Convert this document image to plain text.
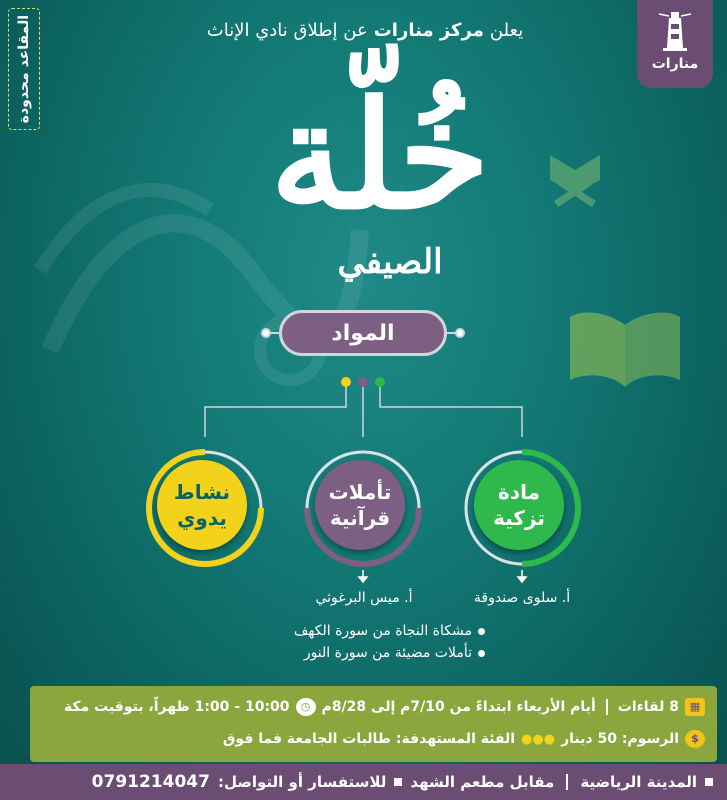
يعلن
مركز منارات
عن إطلاق نادي الإناث
منارات
المقاعد محدودة خُلّة
الصيفي
المواد
نشاط
يدوي
تأملات
قرآنية
مادة
تزكية
أ. سلوى صندوقة
أ. ميس البرغوثي
مشكاة النجاة من سورة الكهف
تأملات مضيئة من سورة النور
▦
8 لقاءات
أيام الأربعاء ابتداءً من 7/10م إلى 8/28م
◷
10:00 - 1:00 ظهراً، بتوقيت مكة
$
الرسوم: 50 دينار
●●●
الفئة المستهدفة: طالبات الجامعة فما فوق
المدينة الرياضية
مقابل مطعم الشهد
للاستفسار أو التواصل:
0791214047
